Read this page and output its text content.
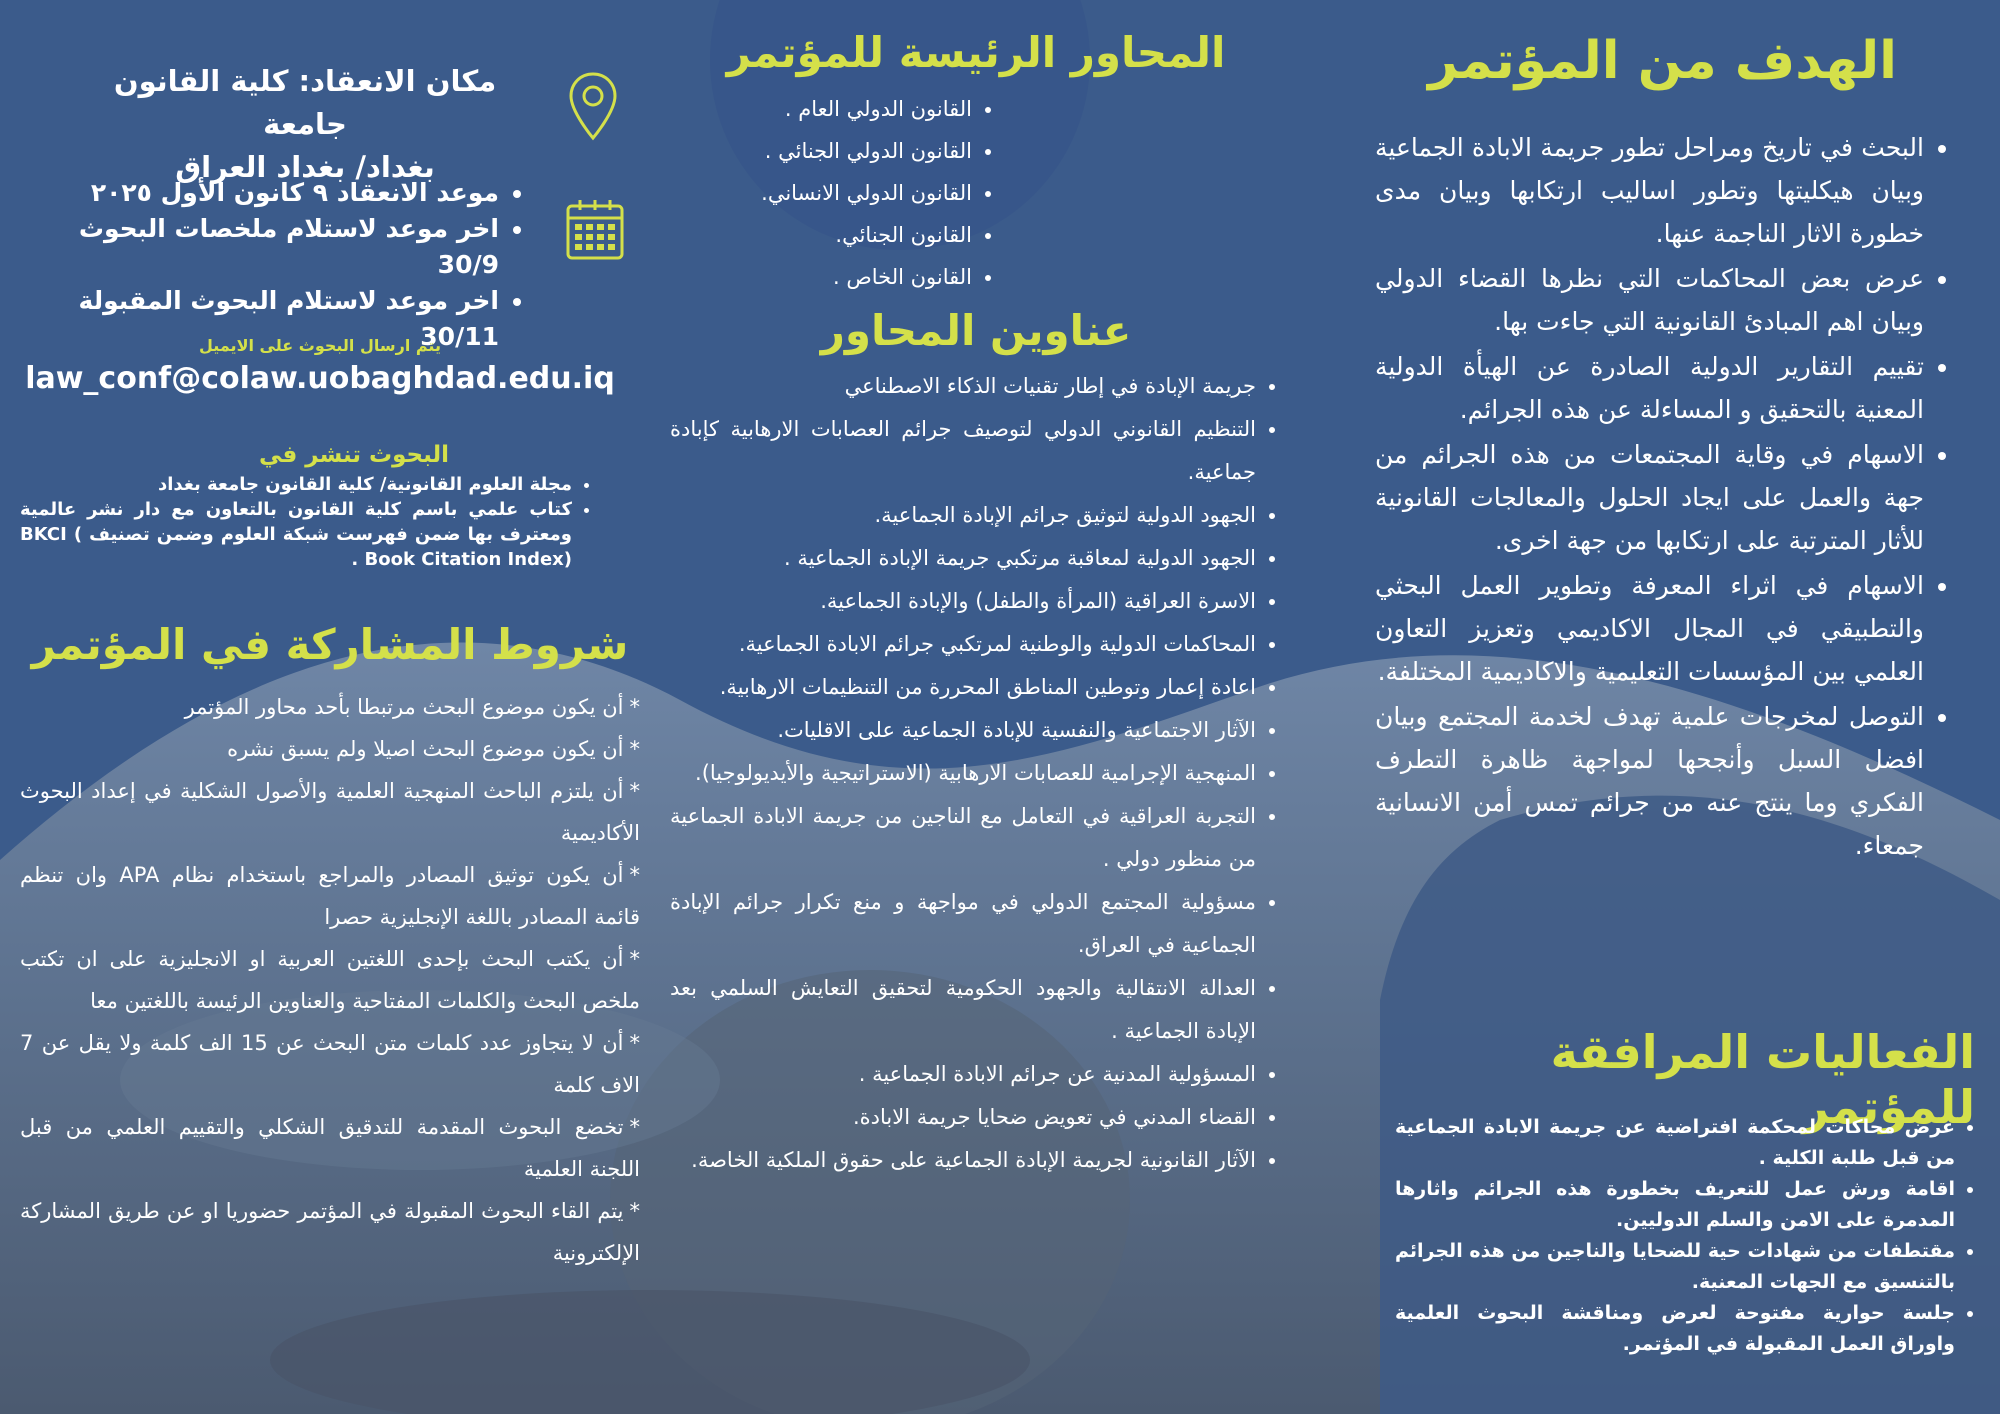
الهدف من المؤتمر
• البحث في تاريخ ومراحل تطور جريمة الابادة الجماعية وبيان هيكليتها وتطور اساليب ارتكابها وبيان مدى خطورة الاثار الناجمة عنها.
• عرض بعض المحاكمات التي نظرها القضاء الدولي وبيان اهم المبادئ القانونية التي جاءت بها.
• تقييم التقارير الدولية الصادرة عن الهيأة الدولية المعنية بالتحقيق و المساءلة عن هذه الجرائم.
• الاسهام في وقاية المجتمعات من هذه الجرائم من جهة والعمل على ايجاد الحلول والمعالجات القانونية للأثار المترتبة على ارتكابها من جهة اخرى.
• الاسهام في اثراء المعرفة وتطوير العمل البحثي والتطبيقي في المجال الاكاديمي وتعزيز التعاون العلمي بين المؤسسات التعليمية والاكاديمية المختلفة.
• التوصل لمخرجات علمية تهدف لخدمة المجتمع وبيان افضل السبل وأنجحها لمواجهة ظاهرة التطرف الفكري وما ينتج عنه من جرائم تمس أمن الانسانية جمعاء.
الفعاليات المرافقة للمؤتمر
• عرض محاكات لمحكمة افتراضية عن جريمة الابادة الجماعية من قبل طلبة الكلية .
• اقامة ورش عمل للتعريف بخطورة هذه الجرائم واثارها المدمرة على الامن والسلم الدوليين.
• مقتطفات من شهادات حية للضحايا والناجين من هذه الجرائم بالتنسيق مع الجهات المعنية.
• جلسة حوارية مفتوحة لعرض ومناقشة البحوث العلمية واوراق العمل المقبولة في المؤتمر.
المحاور الرئيسة للمؤتمر
• القانون الدولي العام .
• القانون الدولي الجنائي .
• القانون الدولي الانساني.
• القانون الجنائي.
• القانون الخاص .
عناوين المحاور
• جريمة الإبادة في إطار تقنيات الذكاء الاصطناعي
• التنظيم القانوني الدولي لتوصيف جرائم العصابات الارهابية كإبادة جماعية.
• الجهود الدولية لتوثيق جرائم الإبادة الجماعية.
• الجهود الدولية لمعاقبة مرتكبي جريمة الإبادة الجماعية .
• الاسرة العراقية (المرأة والطفل) والإبادة الجماعية.
• المحاكمات الدولية والوطنية لمرتكبي جرائم الابادة الجماعية.
• اعادة إعمار وتوطين المناطق المحررة من التنظيمات الارهابية.
• الآثار الاجتماعية والنفسية للإبادة الجماعية على الاقليات.
• المنهجية الإجرامية للعصابات الارهابية (الاستراتيجية والأيديولوجيا).
• التجربة العراقية في التعامل مع الناجين من جريمة الابادة الجماعية من منظور دولي .
• مسؤولية المجتمع الدولي في مواجهة و منع تكرار جرائم الإبادة الجماعية في العراق.
• العدالة الانتقالية والجهود الحكومية لتحقيق التعايش السلمي بعد الإبادة الجماعية .
• المسؤولية المدنية عن جرائم الابادة الجماعية .
• القضاء المدني في تعويض ضحايا جريمة الابادة.
• الآثار القانونية لجريمة الإبادة الجماعية على حقوق الملكية الخاصة.
مكان الانعقاد: كلية القانون جامعة
بغداد/ بغداد العراق
• موعد الانعقاد ٩ كانون الأول ٢٠٢٥
• اخر موعد لاستلام ملخصات البحوث 30/9
• اخر موعد لاستلام البحوث المقبولة 30/11
يتم ارسال البحوث على الايميل
law_conf@colaw.uobaghdad.edu.iq
البحوث تنشر في
• مجلة العلوم القانونية/ كلية القانون جامعة بغداد
• كتاب علمي باسم كلية القانون بالتعاون مع دار نشر عالمية ومعترف بها ضمن فهرست شبكة العلوم وضمن تصنيف BKCI ( Book Citation Index) .
شروط المشاركة في المؤتمر
*أن يكون موضوع البحث مرتبطا بأحد محاور المؤتمر
*أن يكون موضوع البحث اصيلا ولم يسبق نشره
*أن يلتزم الباحث المنهجية العلمية والأصول الشكلية في إعداد البحوث الأكاديمية
*أن يكون توثيق المصادر والمراجع باستخدام نظام APA وان تنظم قائمة المصادر باللغة الإنجليزية حصرا
*أن يكتب البحث بإحدى اللغتين العربية او الانجليزية على ان تكتب ملخص البحث والكلمات المفتاحية والعناوين الرئيسة باللغتين معا
*أن لا يتجاوز عدد كلمات متن البحث عن 15 الف كلمة ولا يقل عن 7 الاف كلمة
*تخضع البحوث المقدمة للتدقيق الشكلي والتقييم العلمي من قبل اللجنة العلمية
*يتم القاء البحوث المقبولة في المؤتمر حضوريا او عن طريق المشاركة الإلكترونية
